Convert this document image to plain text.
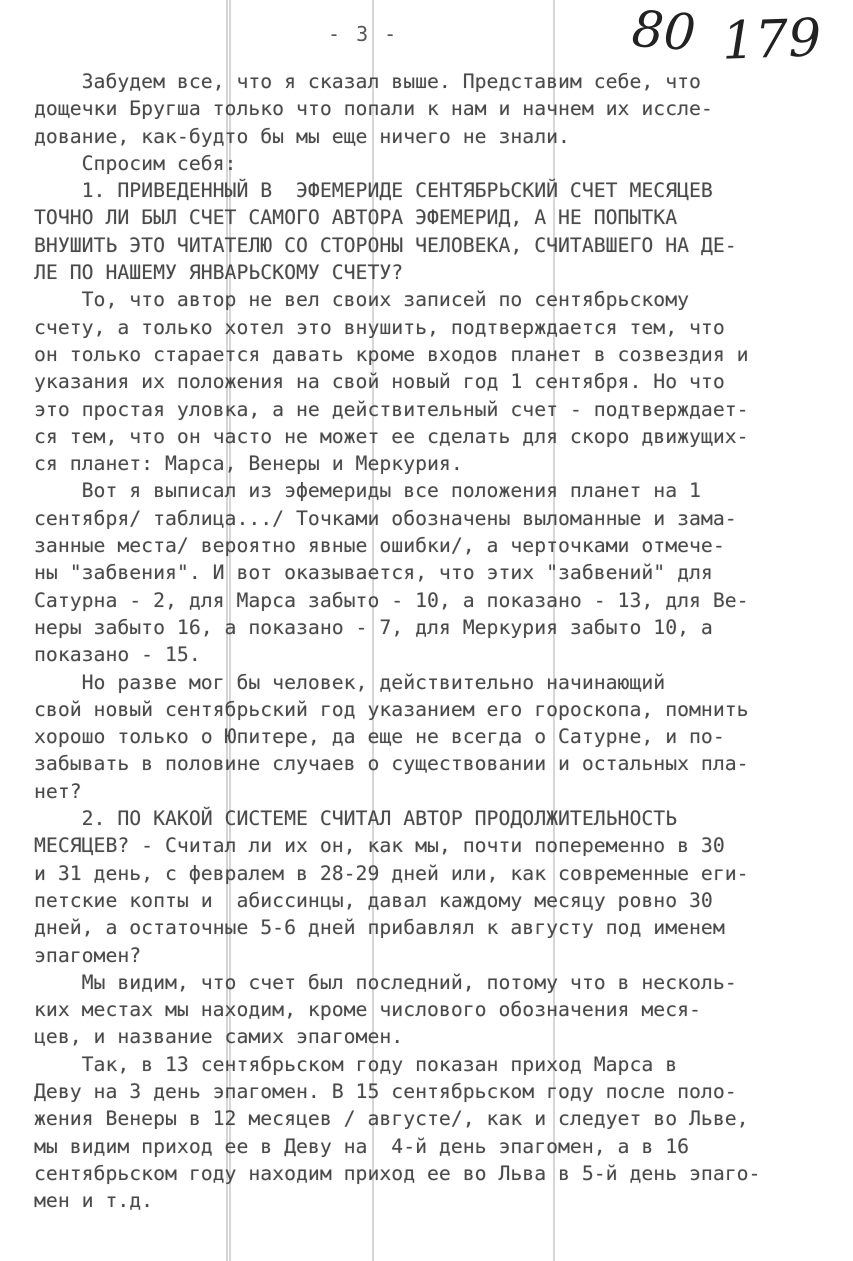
- 3 -	80 179
Забудем все, что я сказал выше. Представим себе, что
дощечки Бругша только что попали к нам и начнем их иссле-
дование, как-будто бы мы еще ничего не знали.
Спросим себя:
1. ПРИВЕДЕННЫЙ В  ЭФЕМЕРИДЕ СЕНТЯБРЬСКИЙ СЧЕТ МЕСЯЦЕВ
ТОЧНО ЛИ БЫЛ СЧЕТ САМОГО АВТОРА ЭФЕМЕРИД, А НЕ ПОПЫТКА
ВНУШИТЬ ЭТО ЧИТАТЕЛЮ СО СТОРОНЫ ЧЕЛОВЕКА, СЧИТАВШЕГО НА ДЕ-
ЛЕ ПО НАШЕМУ ЯНВАРЬСКОМУ СЧЕТУ?
То, что автор не вел своих записей по сентябрьскому
счету, а только хотел это внушить, подтверждается тем, что
он только старается давать кроме входов планет в созвездия и
указания их положения на свой новый год 1 сентября. Но что
это простая уловка, а не действительный счет - подтверждает-
ся тем, что он часто не может ее сделать для скоро движущих-
ся планет: Марса, Венеры и Меркурия.
Вот я выписал из эфемериды все положения планет на 1
сентября/ таблица.../ Точками обозначены выломанные и зама-
занные места/ вероятно явные ошибки/, а черточками отмече-
ны "забвения". И вот оказывается, что этих "забвений" для
Сатурна - 2, для Марса забыто - 10, а показано - 13, для Ве-
неры забыто 16, а показано - 7, для Меркурия забыто 10, а
показано - 15.
Но разве мог бы человек, действительно начинающий
свой новый сентябрьский год указанием его гороскопа, помнить
хорошо только о Юпитере, да еще не всегда о Сатурне, и по-
забывать в половине случаев о существовании и остальных пла-
нет?
2. ПО КАКОЙ СИСТЕМЕ СЧИТАЛ АВТОР ПРОДОЛЖИТЕЛЬНОСТЬ
МЕСЯЦЕВ? - Считал ли их он, как мы, почти попеременно в 30
и 31 день, с февралем в 28-29 дней или, как современные еги-
петские копты и  абиссинцы, давал каждому месяцу ровно 30
дней, а остаточные 5-6 дней прибавлял к августу под именем
эпагомен?
Мы видим, что счет был последний, потому что в несколь-
ких местах мы находим, кроме числового обозначения меся-
цев, и название самих эпагомен.
Так, в 13 сентябрьском году показан приход Марса в
Деву на 3 день эпагомен. В 15 сентябрьском году после поло-
жения Венеры в 12 месяцев / августе/, как и следует во Льве,
мы видим приход ее в Деву на  4-й день эпагомен, а в 16
сентябрьском году находим приход ее во Льва в 5-й день эпаго-
мен и т.д.
